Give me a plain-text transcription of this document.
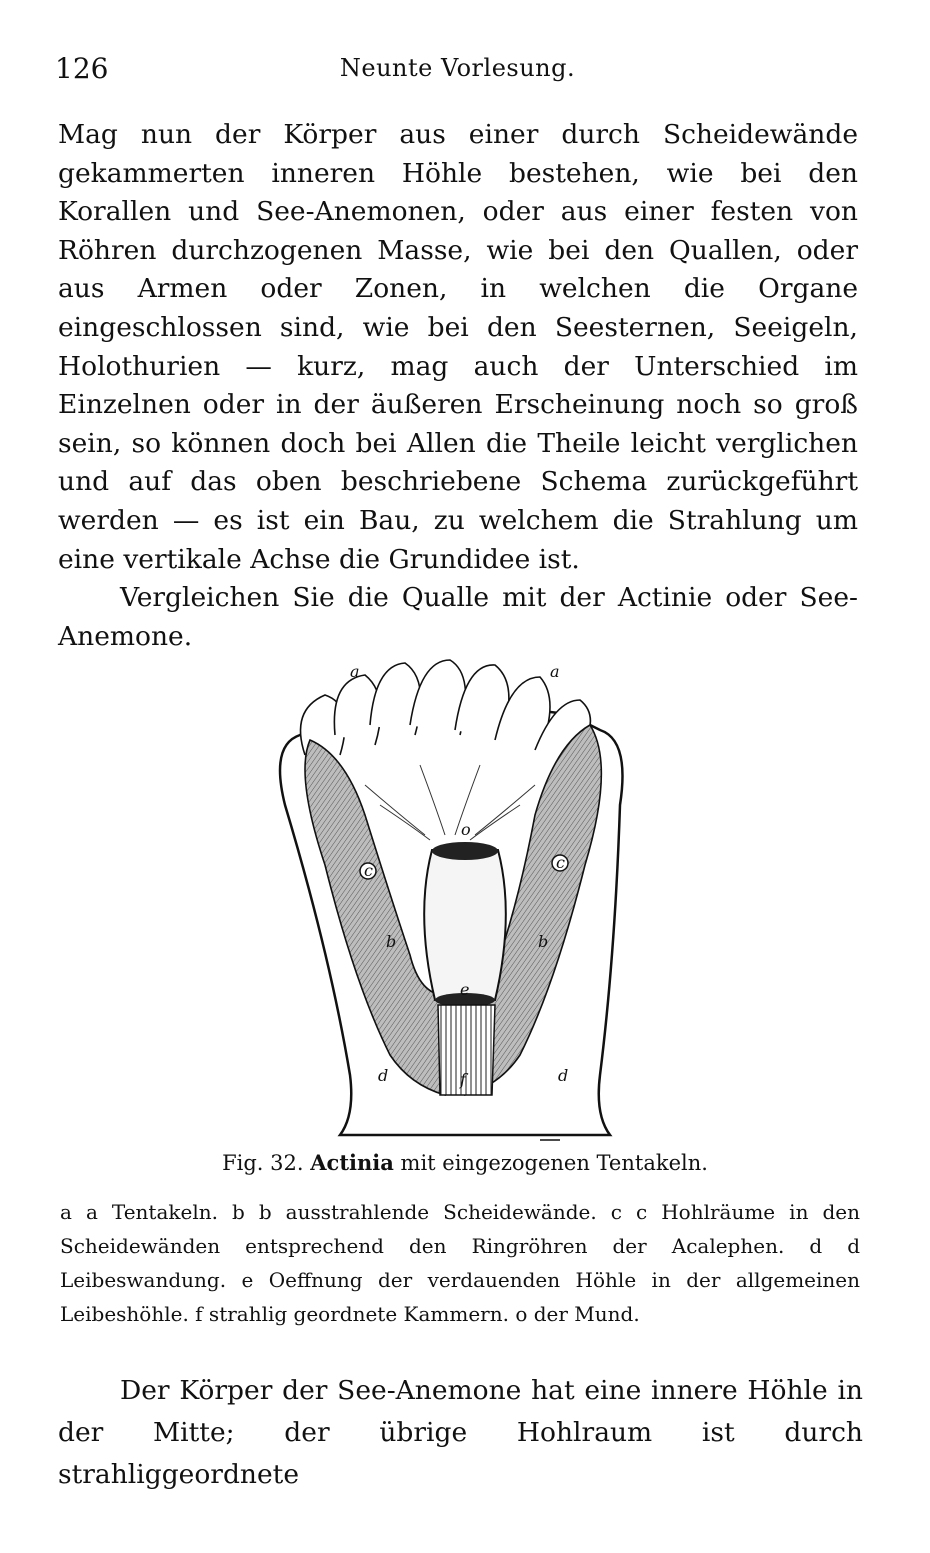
126	Neunte Vorlesung.

Mag nun der Körper aus einer durch Scheidewände gekammerten inneren Höhle bestehen, wie bei den Korallen und See-Anemonen, oder aus einer festen von Röhren durchzogenen Masse, wie bei den Quallen, oder aus Armen oder Zonen, in welchen die Organe eingeschlossen sind, wie bei den Seesternen, Seeigeln, Holothurien — kurz, mag auch der Unterschied im Einzelnen oder in der äußeren Erscheinung noch so groß sein, so können doch bei Allen die Theile leicht verglichen und auf das oben beschriebene Schema zurückgeführt werden — es ist ein Bau, zu welchem die Strahlung um eine vertikale Achse die Grundidee ist.

Vergleichen Sie die Qualle mit der Actinie oder See-Anemone.

a	a
o
c	c
b	b
e
d	d
f
Fig. 32. Actinia mit eingezogenen Tentakeln.

a a Tentakeln. b b ausstrahlende Scheidewände. c c Hohlräume in den Scheidewänden entsprechend den Ringröhren der Acalephen. d d Leibeswandung. e Oeffnung der verdauenden Höhle in der allgemeinen Leibeshöhle. f strahlig geordnete Kammern. o der Mund.

Der Körper der See-Anemone hat eine innere Höhle in der Mitte; der übrige Hohlraum ist durch strahliggeordnete
